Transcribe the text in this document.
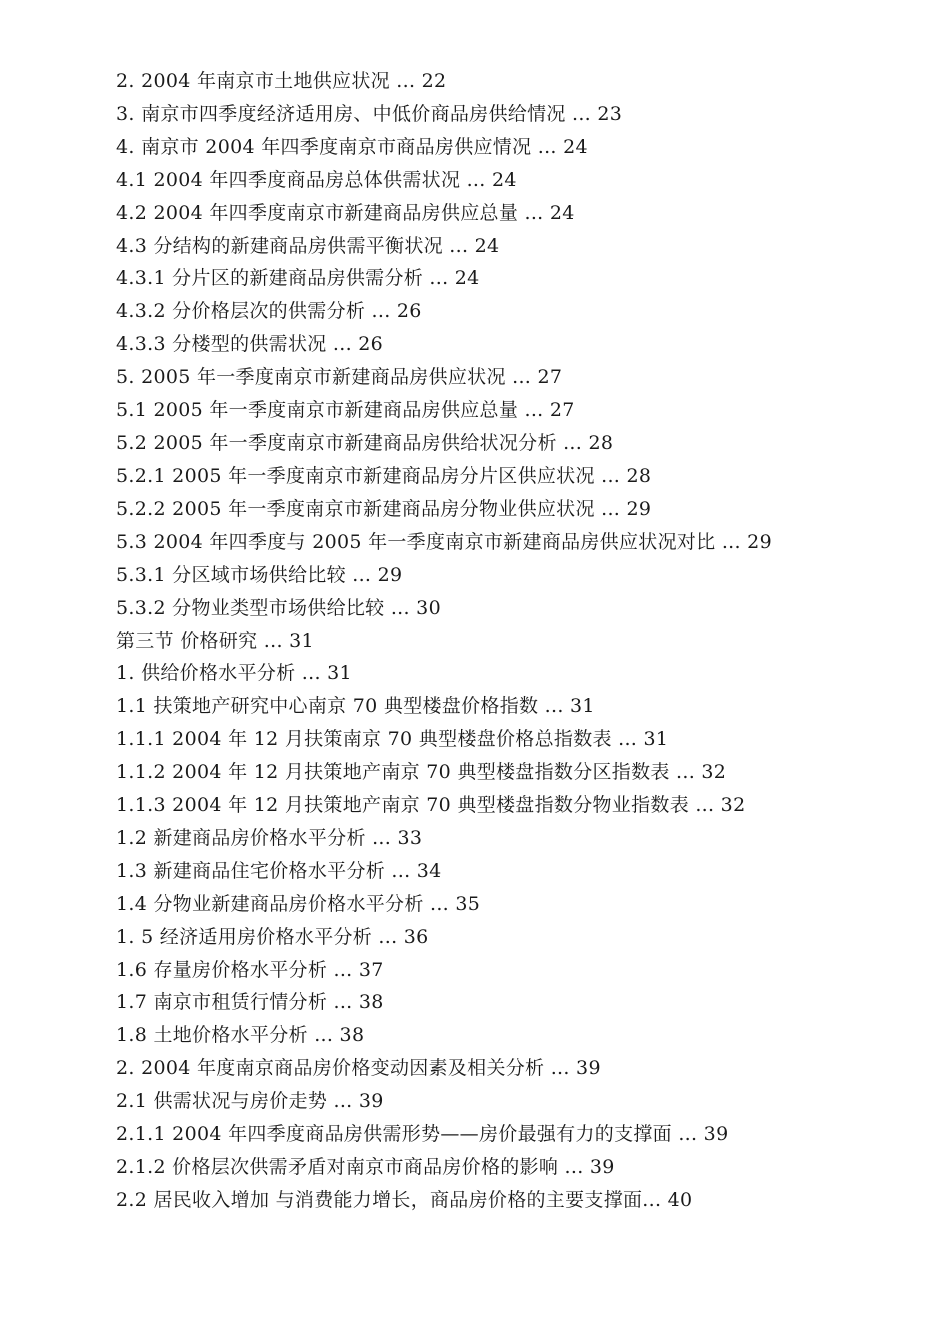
2. 2004 年南京市土地供应状况 ... 22
3. 南京市四季度经济适用房、中低价商品房供给情况 ... 23
4. 南京市 2004 年四季度南京市商品房供应情况 ... 24
4.1 2004 年四季度商品房总体供需状况 ... 24
4.2 2004 年四季度南京市新建商品房供应总量 ... 24
4.3 分结构的新建商品房供需平衡状况 ... 24
4.3.1 分片区的新建商品房供需分析 ... 24
4.3.2 分价格层次的供需分析 ... 26
4.3.3 分楼型的供需状况 ... 26
5. 2005 年一季度南京市新建商品房供应状况 ... 27
5.1 2005 年一季度南京市新建商品房供应总量 ... 27
5.2 2005 年一季度南京市新建商品房供给状况分析 ... 28
5.2.1 2005 年一季度南京市新建商品房分片区供应状况 ... 28
5.2.2 2005 年一季度南京市新建商品房分物业供应状况 ... 29
5.3 2004 年四季度与 2005 年一季度南京市新建商品房供应状况对比 ... 29
5.3.1 分区域市场供给比较 ... 29
5.3.2 分物业类型市场供给比较 ... 30
第三节 价格研究 ... 31
1. 供给价格水平分析 ... 31
1.1 扶策地产研究中心南京 70 典型楼盘价格指数 ... 31
1.1.1 2004 年 12 月扶策南京 70 典型楼盘价格总指数表 ... 31
1.1.2 2004 年 12 月扶策地产南京 70 典型楼盘指数分区指数表 ... 32
1.1.3 2004 年 12 月扶策地产南京 70 典型楼盘指数分物业指数表 ... 32
1.2 新建商品房价格水平分析 ... 33
1.3 新建商品住宅价格水平分析 ... 34
1.4 分物业新建商品房价格水平分析 ... 35
1. 5 经济适用房价格水平分析 ... 36
1.6 存量房价格水平分析 ... 37
1.7 南京市租赁行情分析 ... 38
1.8 土地价格水平分析 ... 38
2. 2004 年度南京商品房价格变动因素及相关分析 ... 39
2.1 供需状况与房价走势 ... 39
2.1.1 2004 年四季度商品房供需形势——房价最强有力的支撑面 ... 39
2.1.2 价格层次供需矛盾对南京市商品房价格的影响 ... 39
2.2 居民收入增加 与消费能力增长，商品房价格的主要支撑面... 40
